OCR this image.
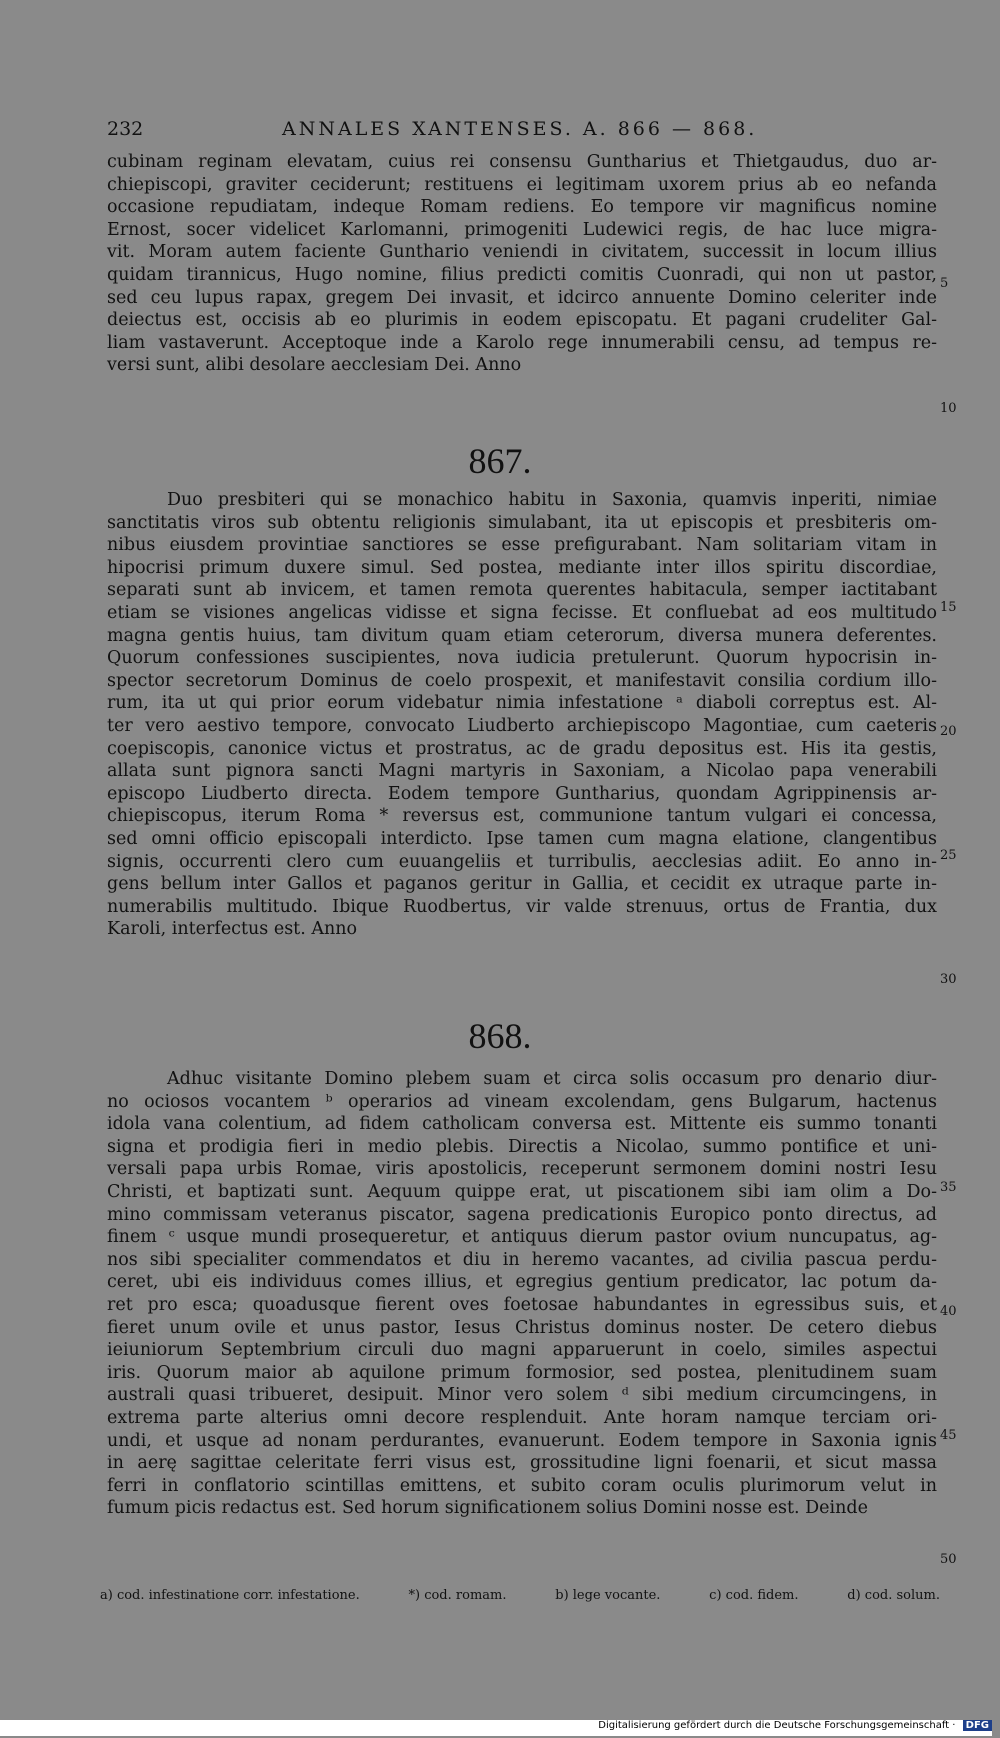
232	ANNALES XANTENSES. A. 866 — 868.
a) cod. infestinatione corr. infestatione.	*) cod. romam.	b) lege vocante.	c) cod. fidem.	d) cod. solum.
Digitalisierung gefördert durch die Deutsche Forschungsgemeinschaft · DFG
cubinam reginam elevatam, cuius rei consensu Guntharius et Thietgaudus, duo ar-
chiepiscopi, graviter ceciderunt; restituens ei legitimam uxorem prius ab eo nefanda
occasione repudiatam, indeque Romam rediens. Eo tempore vir magnificus nomine
Ernost, socer videlicet Karlomanni, primogeniti Ludewici regis, de hac luce migra-
vit. Moram autem faciente Gunthario veniendi in civitatem, successit in locum illius
quidam tirannicus, Hugo nomine, filius predicti comitis Cuonradi, qui non ut pastor,
sed ceu lupus rapax, gregem Dei invasit, et idcirco annuente Domino celeriter inde
deiectus est, occisis ab eo plurimis in eodem episcopatu. Et pagani crudeliter Gal-
liam vastaverunt. Acceptoque inde a Karolo rege innumerabili censu, ad tempus re-
versi sunt, alibi desolare aecclesiam Dei. Anno
Duo presbiteri qui se monachico habitu in Saxonia, quamvis inperiti, nimiae
sanctitatis viros sub obtentu religionis simulabant, ita ut episcopis et presbiteris om-
nibus eiusdem provintiae sanctiores se esse prefigurabant. Nam solitariam vitam in
hipocrisi primum duxere simul. Sed postea, mediante inter illos spiritu discordiae,
separati sunt ab invicem, et tamen remota querentes habitacula, semper iactitabant
etiam se visiones angelicas vidisse et signa fecisse. Et confluebat ad eos multitudo
magna gentis huius, tam divitum quam etiam ceterorum, diversa munera deferentes.
Quorum confessiones suscipientes, nova iudicia pretulerunt. Quorum hypocrisin in-
spector secretorum Dominus de coelo prospexit, et manifestavit consilia cordium illo-
rum, ita ut qui prior eorum videbatur nimia infestatione ᵃ diaboli correptus est. Al-
ter vero aestivo tempore, convocato Liudberto archiepiscopo Magontiae, cum caeteris
coepiscopis, canonice victus et prostratus, ac de gradu depositus est. His ita gestis,
allata sunt pignora sancti Magni martyris in Saxoniam, a Nicolao papa venerabili
episcopo Liudberto directa. Eodem tempore Guntharius, quondam Agrippinensis ar-
chiepiscopus, iterum Roma * reversus est, communione tantum vulgari ei concessa,
sed omni officio episcopali interdicto. Ipse tamen cum magna elatione, clangentibus
signis, occurrenti clero cum euuangeliis et turribulis, aecclesias adiit. Eo anno in-
gens bellum inter Gallos et paganos geritur in Gallia, et cecidit ex utraque parte in-
numerabilis multitudo. Ibique Ruodbertus, vir valde strenuus, ortus de Frantia, dux
Karoli, interfectus est. Anno
Adhuc visitante Domino plebem suam et circa solis occasum pro denario diur-
no ociosos vocantem ᵇ operarios ad vineam excolendam, gens Bulgarum, hactenus
idola vana colentium, ad fidem catholicam conversa est. Mittente eis summo tonanti
signa et prodigia fieri in medio plebis. Directis a Nicolao, summo pontifice et uni-
versali papa urbis Romae, viris apostolicis, receperunt sermonem domini nostri Iesu
Christi, et baptizati sunt. Aequum quippe erat, ut piscationem sibi iam olim a Do-
mino commissam veteranus piscator, sagena predicationis Europico ponto directus, ad
finem ᶜ usque mundi prosequeretur, et antiquus dierum pastor ovium nuncupatus, ag-
nos sibi specialiter commendatos et diu in heremo vacantes, ad civilia pascua perdu-
ceret, ubi eis individuus comes illius, et egregius gentium predicator, lac potum da-
ret pro esca; quoadusque fierent oves foetosae habundantes in egressibus suis, et
fieret unum ovile et unus pastor, Iesus Christus dominus noster. De cetero diebus
ieiuniorum Septembrium circuli duo magni apparuerunt in coelo, similes aspectui
iris. Quorum maior ab aquilone primum formosior, sed postea, plenitudinem suam
australi quasi tribueret, desipuit. Minor vero solem ᵈ sibi medium circumcingens, in
extrema parte alterius omni decore resplenduit. Ante horam namque terciam ori-
undi, et usque ad nonam perdurantes, evanuerunt. Eodem tempore in Saxonia ignis
in aerę sagittae celeritate ferri visus est, grossitudine ligni foenarii, et sicut massa
ferri in conflatorio scintillas emittens, et subito coram oculis plurimorum velut in
fumum picis redactus est. Sed horum significationem solius Domini nosse est. Deinde
867.
868.
5
10
15
20
25
30
35
40
45
50
